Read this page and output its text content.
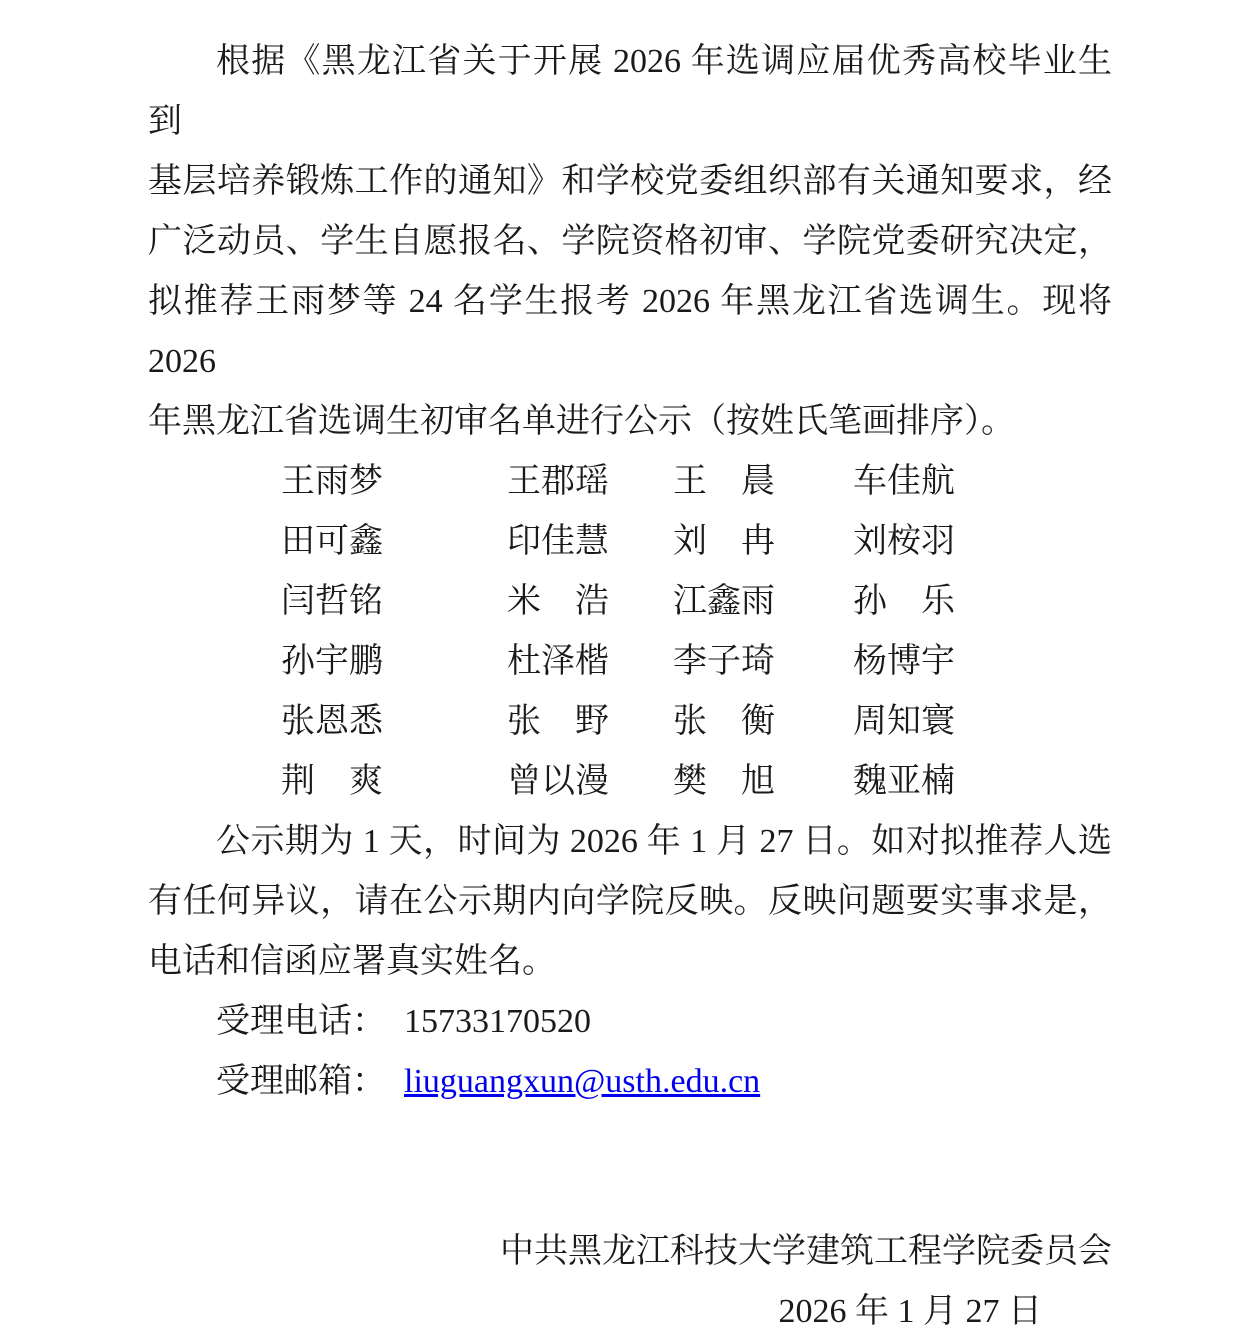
根据《黑龙江省关于开展 2026 年选调应届优秀高校毕业生到
基层培养锻炼工作的通知》和学校党委组织部有关通知要求，经
广泛动员、学生自愿报名、学院资格初审、学院党委研究决定，
拟推荐王雨梦等 24 名学生报考 2026 年黑龙江省选调生。现将 2026
年黑龙江省选调生初审名单进行公示（按姓氏笔画排序）。
王雨梦	王郡瑶	王　晨	车佳航
田可鑫	印佳慧	刘　冉	刘桉羽
闫哲铭	米　浩	江鑫雨	孙　乐
孙宇鹏	杜泽楷	李子琦	杨博宇
张恩悉	张　野	张　衡	周知寰
荆　爽	曾以漫	樊　旭	魏亚楠
公示期为 1 天，时间为 2026 年 1 月 27 日。如对拟推荐人选
有任何异议，请在公示期内向学院反映。反映问题要实事求是，
电话和信函应署真实姓名。
受理电话： 15733170520
受理邮箱： liuguangxun@usth.edu.cn
中共黑龙江科技大学建筑工程学院委员会
2026 年 1 月 27 日
